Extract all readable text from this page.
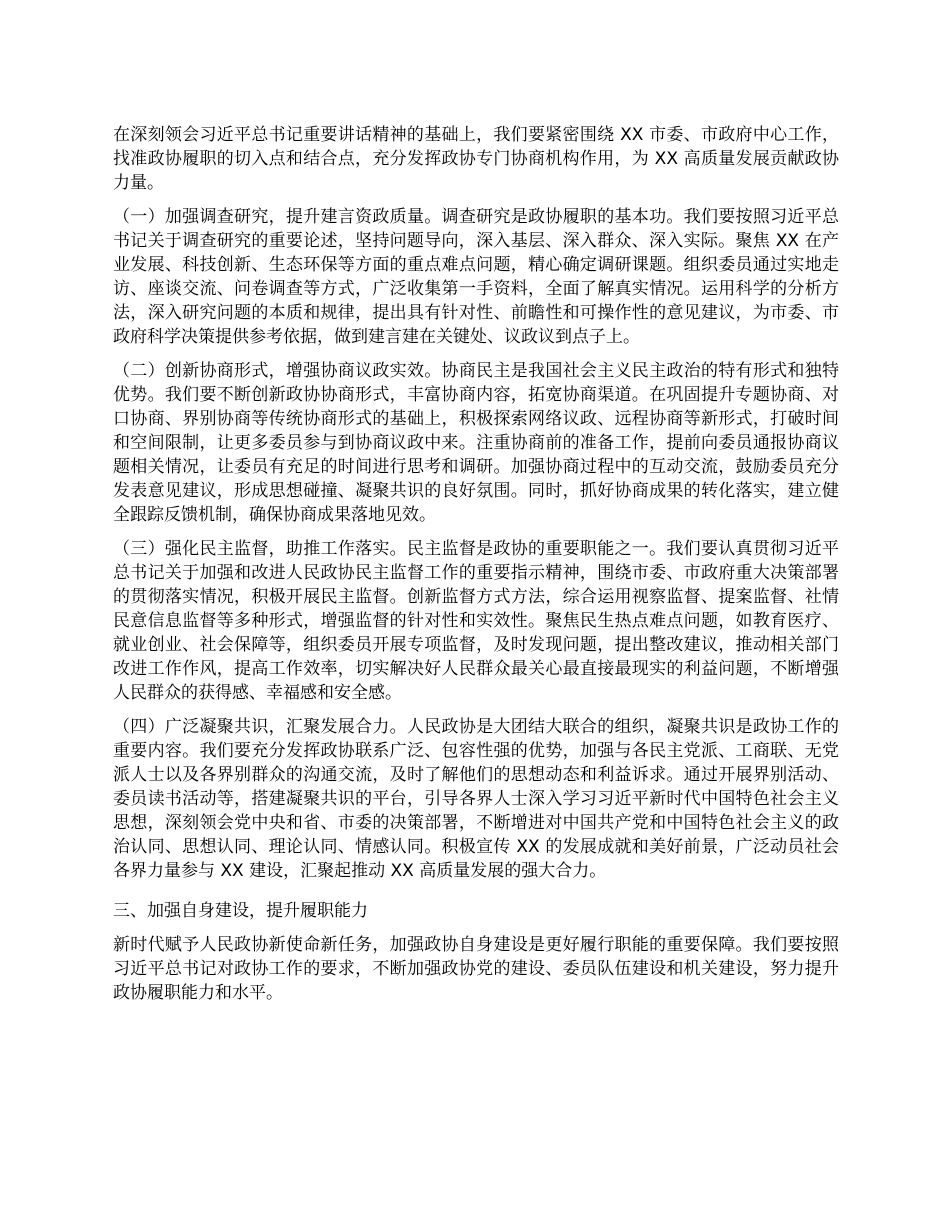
在深刻领会习近平总书记重要讲话精神的基础上，我们要紧密围绕 XX 市委、市政府中心工作，找准政协履职的切入点和结合点，充分发挥政协专门协商机构作用，为 XX 高质量发展贡献政协力量。

（一）加强调查研究，提升建言资政质量。调查研究是政协履职的基本功。我们要按照习近平总书记关于调查研究的重要论述，坚持问题导向，深入基层、深入群众、深入实际。聚焦 XX 在产业发展、科技创新、生态环保等方面的重点难点问题，精心确定调研课题。组织委员通过实地走访、座谈交流、问卷调查等方式，广泛收集第一手资料，全面了解真实情况。运用科学的分析方法，深入研究问题的本质和规律，提出具有针对性、前瞻性和可操作性的意见建议，为市委、市政府科学决策提供参考依据，做到建言建在关键处、议政议到点子上。

（二）创新协商形式，增强协商议政实效。协商民主是我国社会主义民主政治的特有形式和独特优势。我们要不断创新政协协商形式，丰富协商内容，拓宽协商渠道。在巩固提升专题协商、对口协商、界别协商等传统协商形式的基础上，积极探索网络议政、远程协商等新形式，打破时间和空间限制，让更多委员参与到协商议政中来。注重协商前的准备工作，提前向委员通报协商议题相关情况，让委员有充足的时间进行思考和调研。加强协商过程中的互动交流，鼓励委员充分发表意见建议，形成思想碰撞、凝聚共识的良好氛围。同时，抓好协商成果的转化落实，建立健全跟踪反馈机制，确保协商成果落地见效。

（三）强化民主监督，助推工作落实。民主监督是政协的重要职能之一。我们要认真贯彻习近平总书记关于加强和改进人民政协民主监督工作的重要指示精神，围绕市委、市政府重大决策部署的贯彻落实情况，积极开展民主监督。创新监督方式方法，综合运用视察监督、提案监督、社情民意信息监督等多种形式，增强监督的针对性和实效性。聚焦民生热点难点问题，如教育医疗、就业创业、社会保障等，组织委员开展专项监督，及时发现问题，提出整改建议，推动相关部门改进工作作风，提高工作效率，切实解决好人民群众最关心最直接最现实的利益问题，不断增强人民群众的获得感、幸福感和安全感。

（四）广泛凝聚共识，汇聚发展合力。人民政协是大团结大联合的组织，凝聚共识是政协工作的重要内容。我们要充分发挥政协联系广泛、包容性强的优势，加强与各民主党派、工商联、无党派人士以及各界别群众的沟通交流，及时了解他们的思想动态和利益诉求。通过开展界别活动、委员读书活动等，搭建凝聚共识的平台，引导各界人士深入学习习近平新时代中国特色社会主义思想，深刻领会党中央和省、市委的决策部署，不断增进对中国共产党和中国特色社会主义的政治认同、思想认同、理论认同、情感认同。积极宣传 XX 的发展成就和美好前景，广泛动员社会各界力量参与 XX 建设，汇聚起推动 XX 高质量发展的强大合力。

三、加强自身建设，提升履职能力

新时代赋予人民政协新使命新任务，加强政协自身建设是更好履行职能的重要保障。我们要按照习近平总书记对政协工作的要求，不断加强政协党的建设、委员队伍建设和机关建设，努力提升政协履职能力和水平。
